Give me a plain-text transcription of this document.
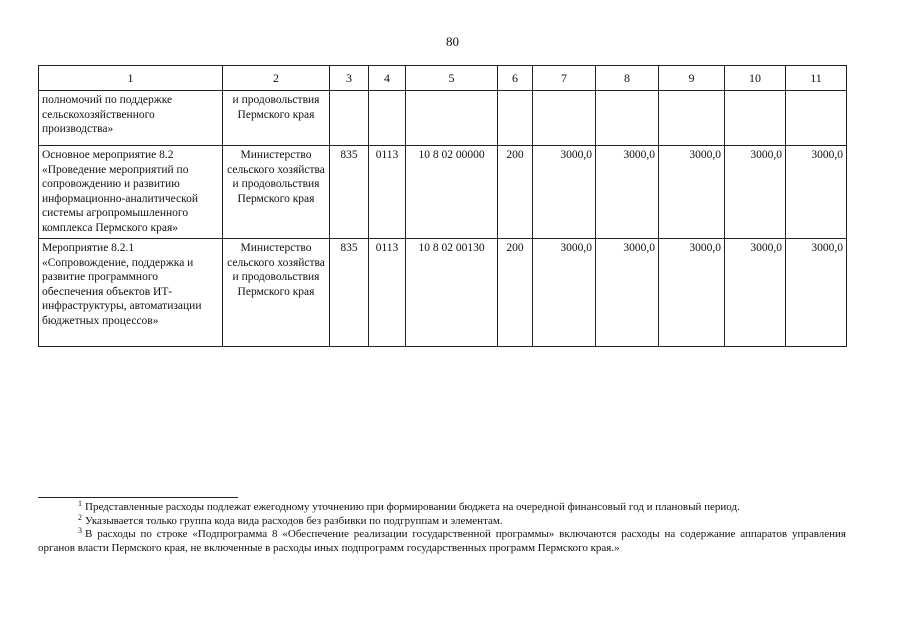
80
1	2	3	4	5	6	7	8	9	10	11
полномочий по поддержке сельскохозяйственного производства»	и продовольствия Пермского края									
Основное мероприятие 8.2 «Проведение мероприятий по сопровождению и развитию информационно-аналитической системы агропромышленного комплекса Пермского края»	Министерство сельского хозяйства и продовольствия Пермского края	835	0113	10 8 02 00000	200	3000,0	3000,0	3000,0	3000,0	3000,0
Мероприятие 8.2.1 «Сопровождение, поддержка и развитие программного обеспечения объектов ИТ-инфраструктуры, автоматизации бюджетных процессов»	Министерство сельского хозяйства и продовольствия Пермского края	835	0113	10 8 02 00130	200	3000,0	3000,0	3000,0	3000,0	3000,0

$^1$ Представленные расходы подлежат ежегодному уточнению при формировании бюджета на очередной финансовый год и плановый период.

$^2$ Указывается только группа кода вида расходов без разбивки по подгруппам и элементам.

$^3$ В расходы по строке «Подпрограмма 8 «Обеспечение реализации государственной программы» включаются расходы на содержание аппаратов управления органов власти Пермского края, не включенные в расходы иных подпрограмм государственных программ Пермского края.»
